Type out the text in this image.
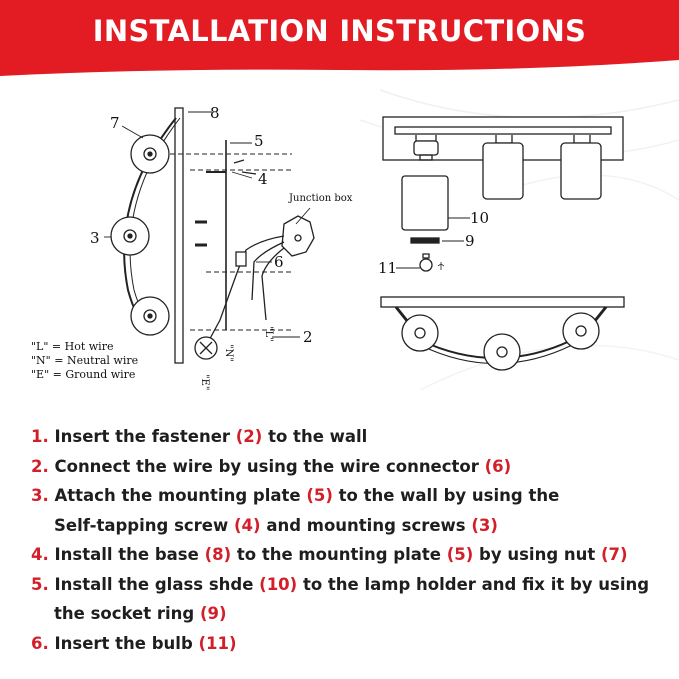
INSTALLATION INSTRUCTIONS
7
8
5
4
3
6
2
Junction box
"L"
"N"
"E"
10
9
11
"L" = Hot wire
"N" = Neutral wire
"E" = Ground wire
1. Insert the fastener (2) to the wall
2. Connect the wire by using the wire connector (6)
3. Attach the mounting plate (5) to the wall by using the
Self-tapping screw (4) and mounting screws (3)
4. Install the base (8) to the mounting plate (5) by using nut (7)
5. Install the glass shde (10) to the lamp holder and fix it by using
the socket ring (9)
6. Insert the bulb (11)
